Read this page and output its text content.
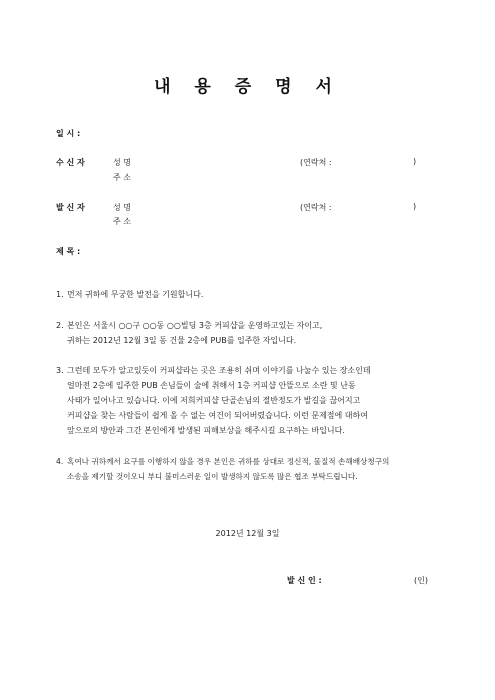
내 용 증 명 서
일 시 :
수 신 자	성 명	(연락처 :	)
주 소
발 신 자	성 명	(연락처 :	)
주 소
제 목 :
1. 먼저 귀하에 무궁한 발전을 기원합니다.
2. 본인은 서울시 ○○구 ○○동 ○○빌딩 3층 커피샵을 운영하고있는 자이고,
귀하는 2012년 12월 3일 동 건물 2층에 PUB를 입주한 자입니다.
3. 그런데 모두가 알고있듯이 커피샵라는 곳은 조용히 쉬며 이야기를 나눌수 있는 장소인데
얼마전 2층에 입주한 PUB 손님들이 술에 취해서 1층 커피샵 안뜰으로 소란 및 난동
사태가 일어나고 있습니다. 이에 저희커피샵 단골손님의 절반정도가 발길을 끊어지고
커피샵을 찾는 사람들이 쉽게 올 수 없는 여건이 되어버렸습니다. 이런 문제점에 대하여
앞으로의 방안과 그간 본인에게 발생된 피해보상을 해주시길 요구하는 바입니다.
4. 혹여나 귀하께서 요구를 이행하지 않을 경우 본인은 귀하를 상대로 정신적, 물질적 손해배상청구의
소송을 제기할 것이오니 부디 불미스러운 일이 발생하지 않도록 많은 협조 부탁드립니다.
2012년 12월 3일
발 신 인 :	(인)
